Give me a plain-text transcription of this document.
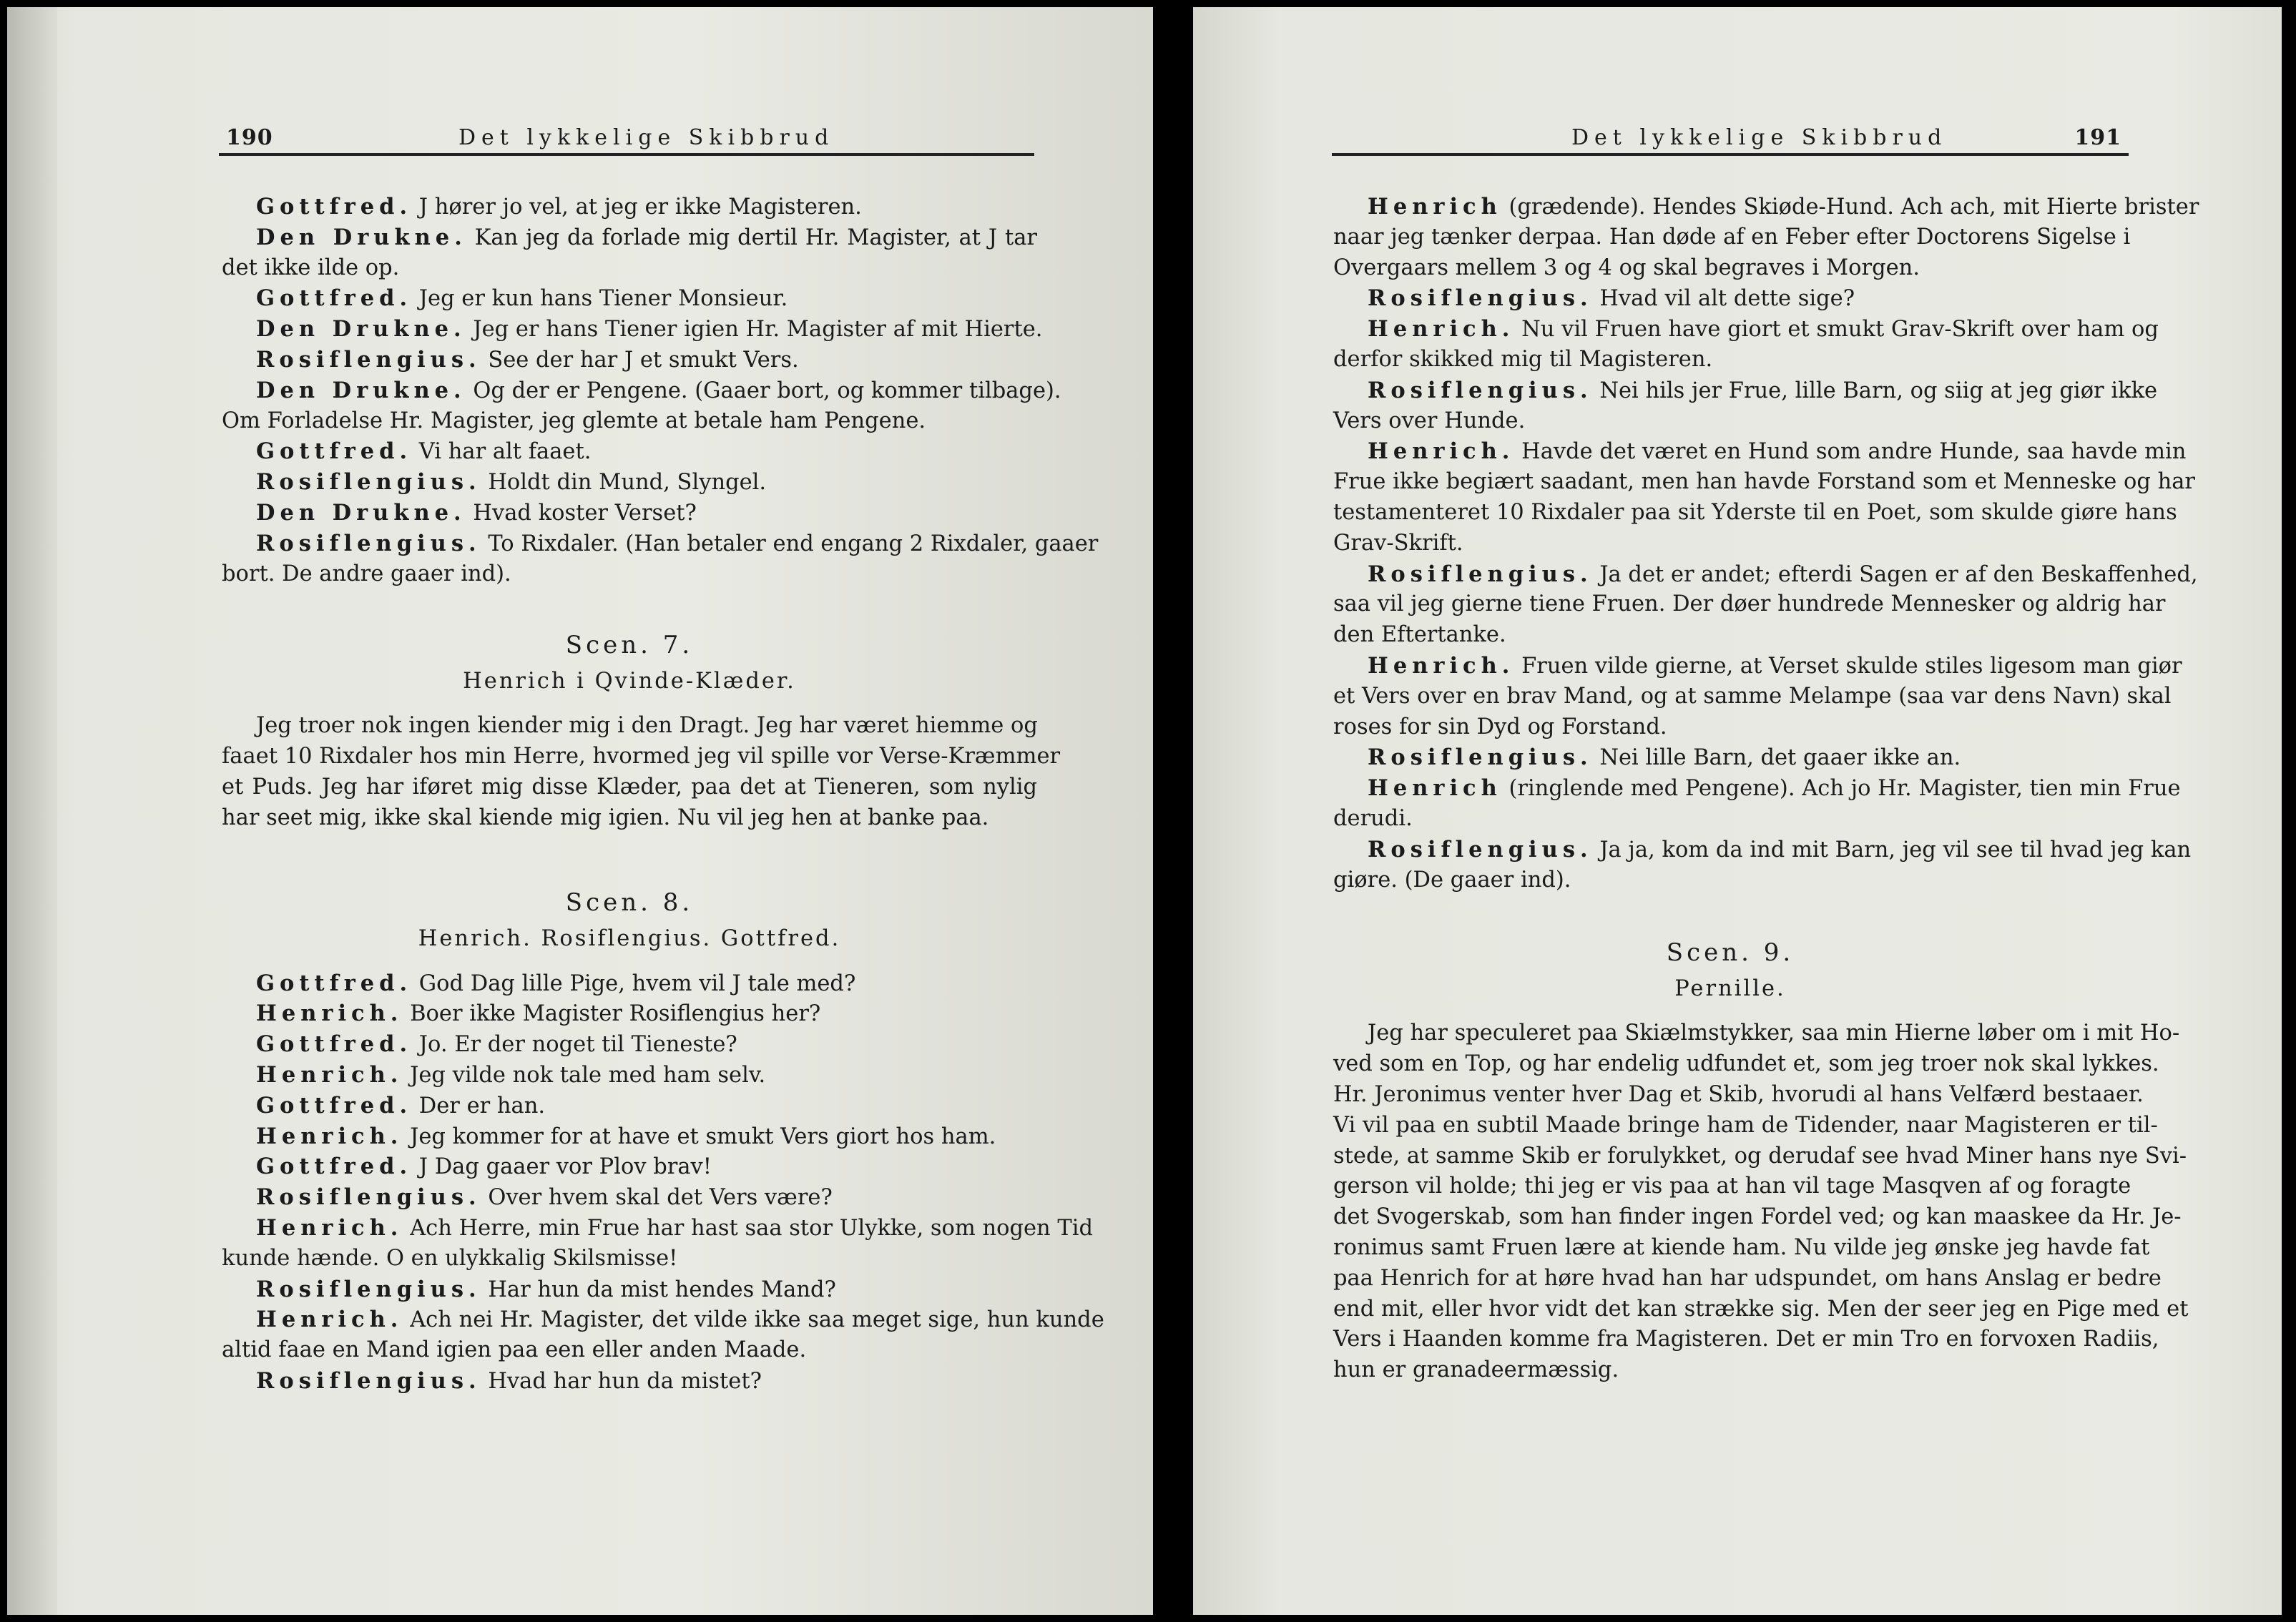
190	Det lykkelige Skibbrud
Gottfred. J hører jo vel, at jeg er ikke Magisteren.
Den Drukne. Kan jeg da forlade mig dertil Hr. Magister, at J tar
det ikke ilde op.
Gottfred. Jeg er kun hans Tiener Monsieur.
Den Drukne. Jeg er hans Tiener igien Hr. Magister af mit Hierte.
Rosiflengius. See der har J et smukt Vers.
Den Drukne. Og der er Pengene. (Gaaer bort, og kommer tilbage).
Om Forladelse Hr. Magister, jeg glemte at betale ham Pengene.
Gottfred. Vi har alt faaet.
Rosiflengius. Holdt din Mund, Slyngel.
Den Drukne. Hvad koster Verset?
Rosiflengius. To Rixdaler. (Han betaler end engang 2 Rixdaler, gaaer
bort. De andre gaaer ind).
Scen. 7.
Henrich i Qvinde-Klæder.
Jeg troer nok ingen kiender mig i den Dragt. Jeg har været hiemme og
faaet 10 Rixdaler hos min Herre, hvormed jeg vil spille vor Verse-Kræmmer
et Puds. Jeg har iføret mig disse Klæder, paa det at Tieneren, som nylig
har seet mig, ikke skal kiende mig igien. Nu vil jeg hen at banke paa.
Scen. 8.
Henrich. Rosiflengius. Gottfred.
Gottfred. God Dag lille Pige, hvem vil J tale med?
Henrich. Boer ikke Magister Rosiflengius her?
Gottfred. Jo. Er der noget til Tieneste?
Henrich. Jeg vilde nok tale med ham selv.
Gottfred. Der er han.
Henrich. Jeg kommer for at have et smukt Vers giort hos ham.
Gottfred. J Dag gaaer vor Plov brav!
Rosiflengius. Over hvem skal det Vers være?
Henrich. Ach Herre, min Frue har hast saa stor Ulykke, som nogen Tid
kunde hænde. O en ulykkalig Skilsmisse!
Rosiflengius. Har hun da mist hendes Mand?
Henrich. Ach nei Hr. Magister, det vilde ikke saa meget sige, hun kunde
altid faae en Mand igien paa een eller anden Maade.
Rosiflengius. Hvad har hun da mistet?
Det lykkelige Skibbrud	191
Henrich (grædende). Hendes Skiøde-Hund. Ach ach, mit Hierte brister
naar jeg tænker derpaa. Han døde af en Feber efter Doctorens Sigelse i
Overgaars mellem 3 og 4 og skal begraves i Morgen.
Rosiflengius. Hvad vil alt dette sige?
Henrich. Nu vil Fruen have giort et smukt Grav-Skrift over ham og
derfor skikked mig til Magisteren.
Rosiflengius. Nei hils jer Frue, lille Barn, og siig at jeg giør ikke
Vers over Hunde.
Henrich. Havde det været en Hund som andre Hunde, saa havde min
Frue ikke begiært saadant, men han havde Forstand som et Menneske og har
testamenteret 10 Rixdaler paa sit Yderste til en Poet, som skulde giøre hans
Grav-Skrift.
Rosiflengius. Ja det er andet; efterdi Sagen er af den Beskaffenhed,
saa vil jeg gierne tiene Fruen. Der døer hundrede Mennesker og aldrig har
den Eftertanke.
Henrich. Fruen vilde gierne, at Verset skulde stiles ligesom man giør
et Vers over en brav Mand, og at samme Melampe (saa var dens Navn) skal
roses for sin Dyd og Forstand.
Rosiflengius. Nei lille Barn, det gaaer ikke an.
Henrich (ringlende med Pengene). Ach jo Hr. Magister, tien min Frue
derudi.
Rosiflengius. Ja ja, kom da ind mit Barn, jeg vil see til hvad jeg kan
giøre. (De gaaer ind).
Scen. 9.
Pernille.
Jeg har speculeret paa Skiælmstykker, saa min Hierne løber om i mit Ho-
ved som en Top, og har endelig udfundet et, som jeg troer nok skal lykkes.
Hr. Jeronimus venter hver Dag et Skib, hvorudi al hans Velfærd bestaaer.
Vi vil paa en subtil Maade bringe ham de Tidender, naar Magisteren er til-
stede, at samme Skib er forulykket, og derudaf see hvad Miner hans nye Svi-
gerson vil holde; thi jeg er vis paa at han vil tage Masqven af og foragte
det Svogerskab, som han finder ingen Fordel ved; og kan maaskee da Hr. Je-
ronimus samt Fruen lære at kiende ham. Nu vilde jeg ønske jeg havde fat
paa Henrich for at høre hvad han har udspundet, om hans Anslag er bedre
end mit, eller hvor vidt det kan strække sig. Men der seer jeg en Pige med et
Vers i Haanden komme fra Magisteren. Det er min Tro en forvoxen Radiis,
hun er granadeermæssig.
